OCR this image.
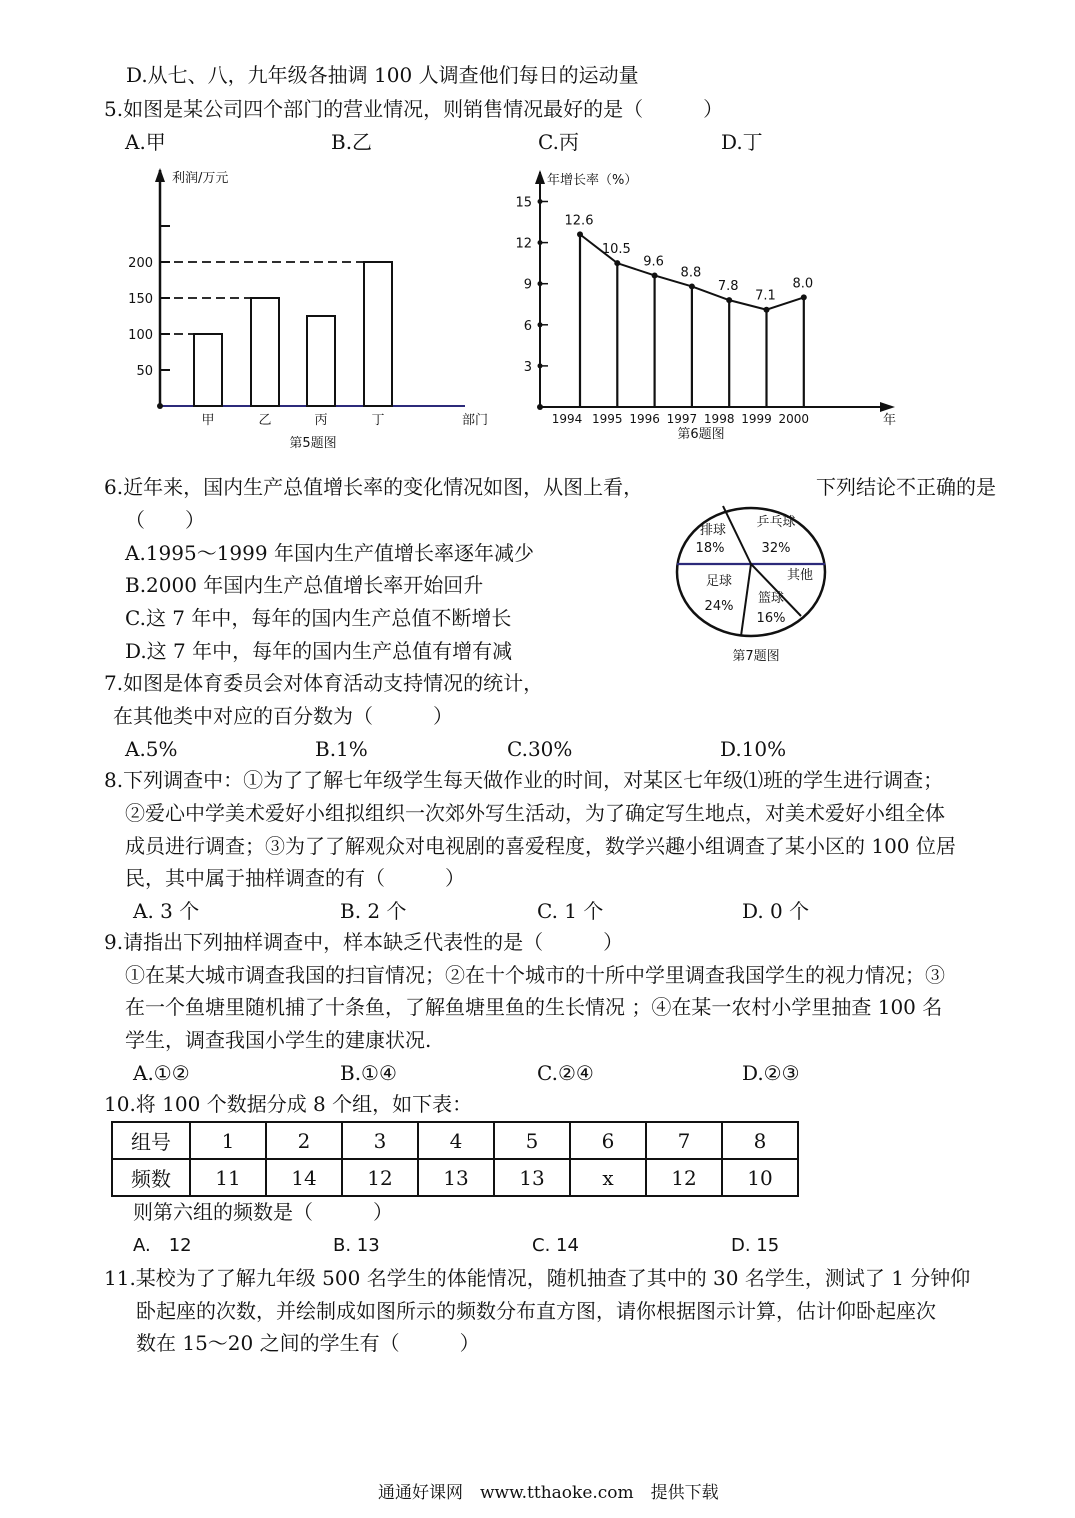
D.从七、八，九年级各抽调 100 人调查他们每日的运动量
5.如图是某公司四个部门的营业情况，则销售情况最好的是（　　　）
A.甲	B.乙	C.丙	D.丁
利润/万元
部门
50
100
150
200
甲	乙	丙	丁
第5题图
年增长率（%）
年
3
6
9
12
15
12.6
1994
10.5
1995
9.6
1996
8.8
1997
7.8
1998
7.1
1999
8.0
2000
第6题图
6.近年来，国内生产总值增长率的变化情况如图，从图上看，	下列结论不正确的是
（　　）
A.1995～1999 年国内生产值增长率逐年减少
B.2000 年国内生产总值增长率开始回升
C.这 7 年中，每年的国内生产总值不断增长
D.这 7 年中，每年的国内生产总值有增有减
乒乓球
32%
其他
篮球
16%
足球
24%
排球
18%
第7题图
7.如图是体育委员会对体育活动支持情况的统计，
在其他类中对应的百分数为（　　　）
A.5%	B.1%	C.30%	D.10%
8.下列调查中：①为了了解七年级学生每天做作业的时间，对某区七年级⑴班的学生进行调查；
②爱心中学美术爱好小组拟组织一次郊外写生活动，为了确定写生地点，对美术爱好小组全体
成员进行调查；③为了了解观众对电视剧的喜爱程度，数学兴趣小组调查了某小区的 100 位居
民，其中属于抽样调查的有（　　　）
A. 3 个	B. 2 个	C. 1 个	D. 0 个
9.请指出下列抽样调查中，样本缺乏代表性的是（　　　）
①在某大城市调查我国的扫盲情况；②在十个城市的十所中学里调查我国学生的视力情况；③
在一个鱼塘里随机捕了十条鱼，了解鱼塘里鱼的生长情况 ；④在某一农村小学里抽查 100 名
学生，调查我国小学生的建康状况.
A.①②	B.①④	C.②④	D.②③
10.将 100 个数据分成 8 个组，如下表：
组号	1	2	3	4	5	6	7	8
频数	11	14	12	13	13	x	12	10
则第六组的频数是（　　　）
A.　12	B. 13	C. 14	D. 15
11.某校为了了解九年级 500 名学生的体能情况，随机抽查了其中的 30 名学生，测试了 1 分钟仰
卧起座的次数，并绘制成如图所示的频数分布直方图，请你根据图示计算，估计仰卧起座次
数在 15～20 之间的学生有（　　　）
通通好课网　www.tthaoke.com　提供下载
